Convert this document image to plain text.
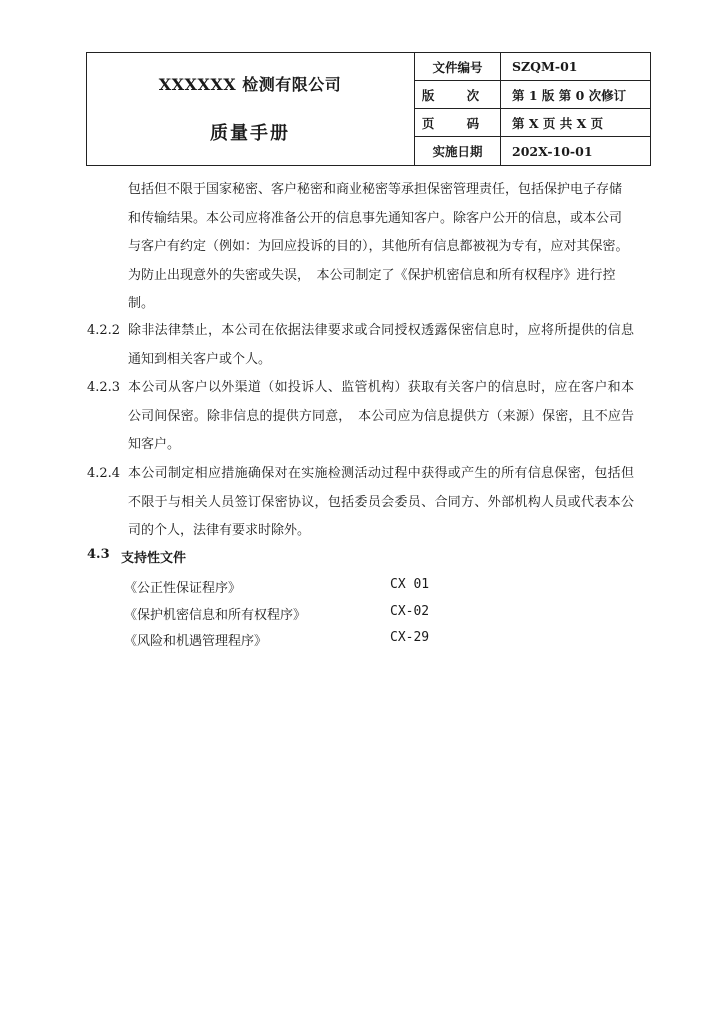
XXXXXX 检测有限公司
质量手册
文件编号	SZQM-01
版 次	第 1 版 第 0 次修订
页 码	第 X 页 共 X 页
实施日期	202X-10-01
包括但不限于国家秘密、客户秘密和商业秘密等承担保密管理责任，包括保护电子存储和传输结果。本公司应将准备公开的信息事先通知客户。除客户公开的信息，或本公司与客户有约定（例如：为回应投诉的目的），其他所有信息都被视为专有，应对其保密。为防止出现意外的失密或失误，　本公司制定了《保护机密信息和所有权程序》进行控制。
4.2.2 除非法律禁止，本公司在依据法律要求或合同授权透露保密信息时，应将所提供的信息通知到相关客户或个人。
4.2.3 本公司从客户以外渠道（如投诉人、监管机构）获取有关客户的信息时，应在客户和本公司间保密。除非信息的提供方同意，　本公司应为信息提供方（来源）保密，且不应告知客户。
4.2.4 本公司制定相应措施确保对在实施检测活动过程中获得或产生的所有信息保密，包括但不限于与相关人员签订保密协议，包括委员会委员、合同方、外部机构人员或代表本公司的个人，法律有要求时除外。
4.3 支持性文件
《公正性保证程序》	CX 01
《保护机密信息和所有权程序》	CX-02
《风险和机遇管理程序》	CX-29
